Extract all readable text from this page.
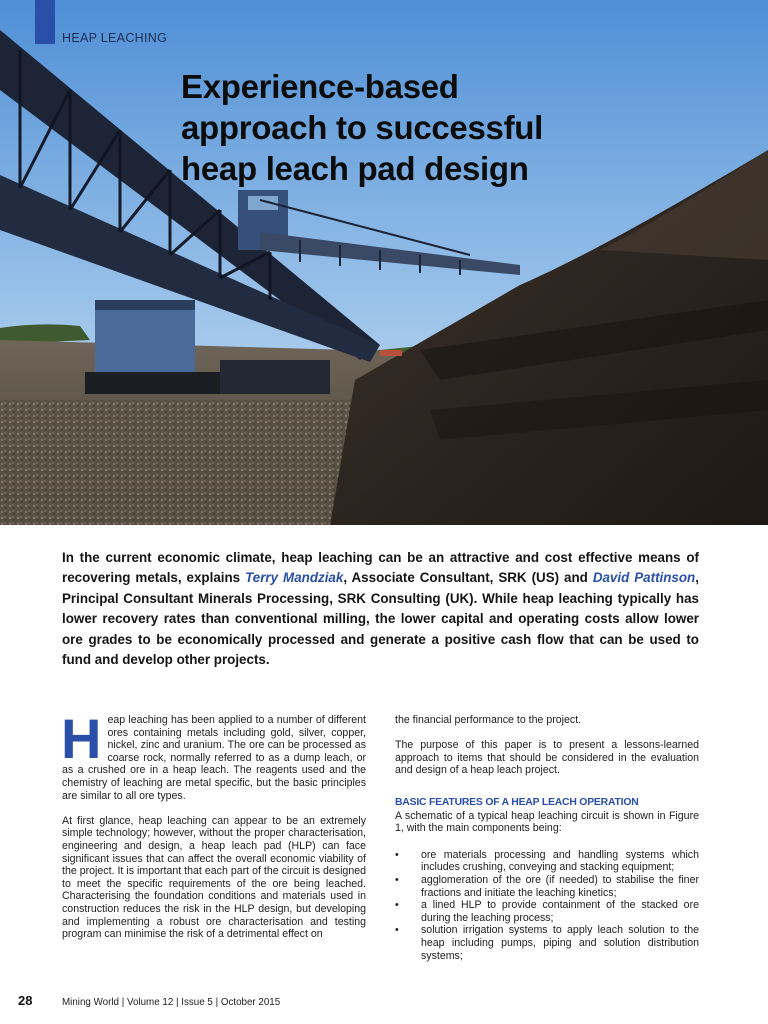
HEAP LEACHING
Experience-based
approach to successful
heap leach pad design

In the current economic climate, heap leaching can be an attractive and cost effective means of recovering metals, explains Terry Mandziak, Associate Consultant, SRK (US) and David Pattinson, Principal Consultant Minerals Processing, SRK Consulting (UK). While heap leaching typically has lower recovery rates than conventional milling, the lower capital and operating costs allow lower ore grades to be economically processed and generate a positive cash flow that can be used to fund and develop other projects.

Heap leaching has been applied to a number of different ores containing metals including gold, silver, copper, nickel, zinc and uranium. The ore can be processed as coarse rock, normally referred to as a dump leach, or as a crushed ore in a heap leach. The reagents used and the chemistry of leaching are metal specific, but the basic principles are similar to all ore types.

At first glance, heap leaching can appear to be an extremely simple technology; however, without the proper characterisation, engineering and design, a heap leach pad (HLP) can face significant issues that can affect the overall economic viability of the project. It is important that each part of the circuit is designed to meet the specific requirements of the ore being leached. Characterising the foundation conditions and materials used in construction reduces the risk in the HLP design, but developing and implementing a robust ore characterisation and testing program can minimise the risk of a detrimental effect on

the financial performance to the project.

The purpose of this paper is to present a lessons-learned approach to items that should be considered in the evaluation and design of a heap leach project.

BASIC FEATURES OF A HEAP LEACH OPERATION

A schematic of a typical heap leaching circuit is shown in Figure 1, with the main components being:

• ore materials processing and handling systems which includes crushing, conveying and stacking equipment;
• agglomeration of the ore (if needed) to stabilise the finer fractions and initiate the leaching kinetics;
• a lined HLP to provide containment of the stacked ore during the leaching process;
• solution irrigation systems to apply leach solution to the heap including pumps, piping and solution distribution systems;
28	Mining World | Volume 12 | Issue 5 | October 2015
